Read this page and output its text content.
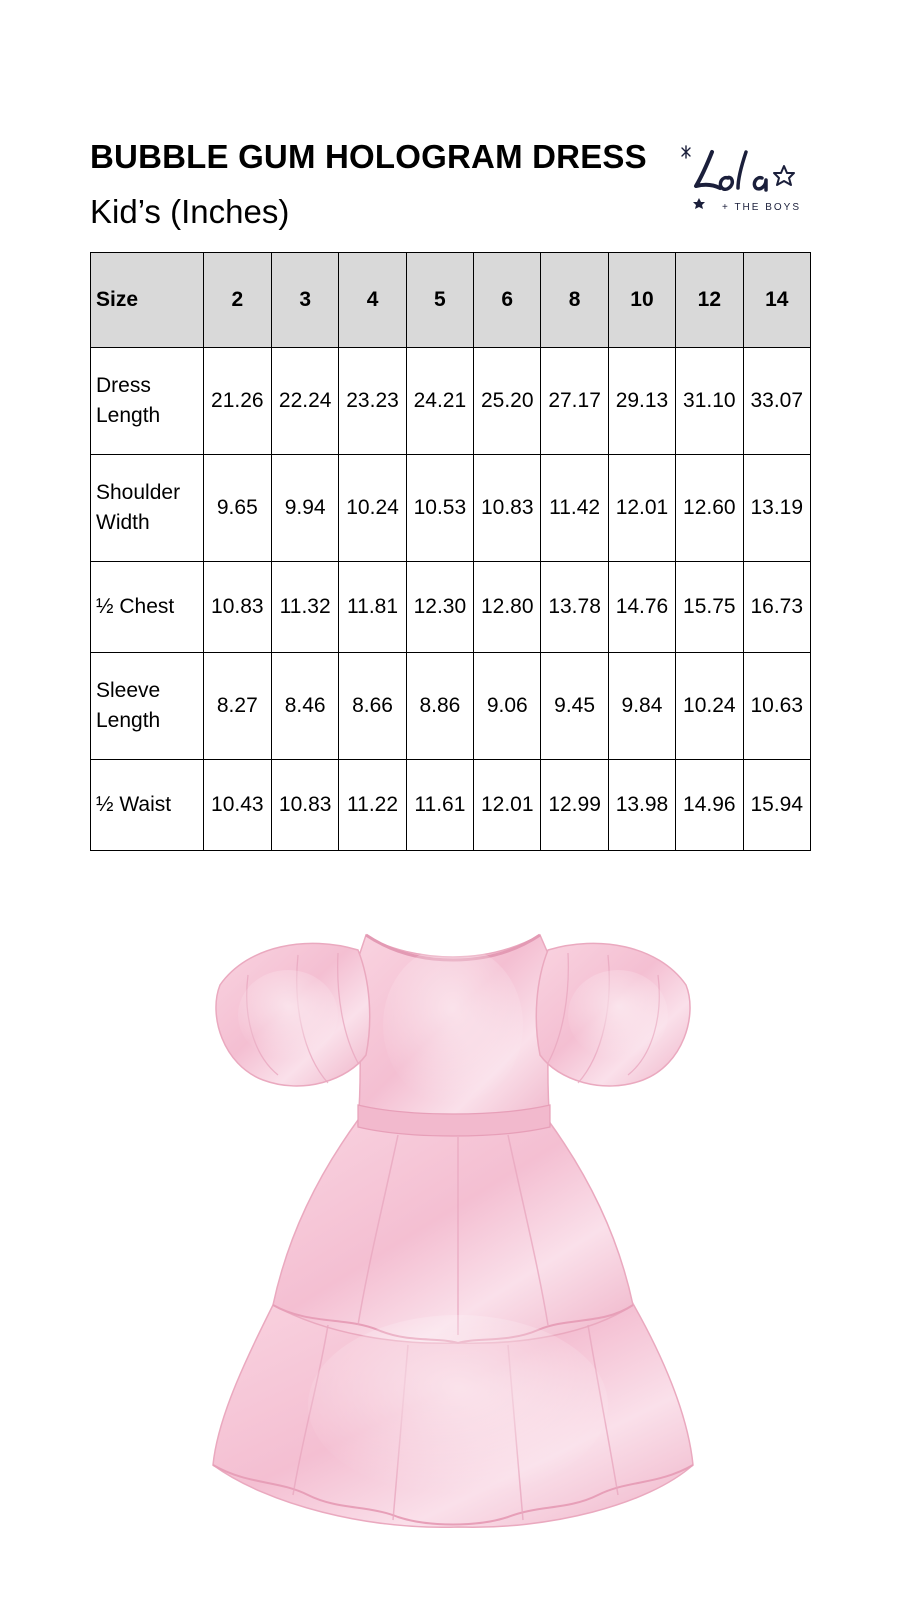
BUBBLE GUM HOLOGRAM DRESS
Kid’s (Inches)	+ THE BOYS
Size	2	3	4	5	6	8	10	12	14
Dress Length	21.26	22.24	23.23	24.21	25.20	27.17	29.13	31.10	33.07
Shoulder Width	9.65	9.94	10.24	10.53	10.83	11.42	12.01	12.60	13.19
½ Chest	10.83	11.32	11.81	12.30	12.80	13.78	14.76	15.75	16.73
Sleeve Length	8.27	8.46	8.66	8.86	9.06	9.45	9.84	10.24	10.63
½ Waist	10.43	10.83	11.22	11.61	12.01	12.99	13.98	14.96	15.94
